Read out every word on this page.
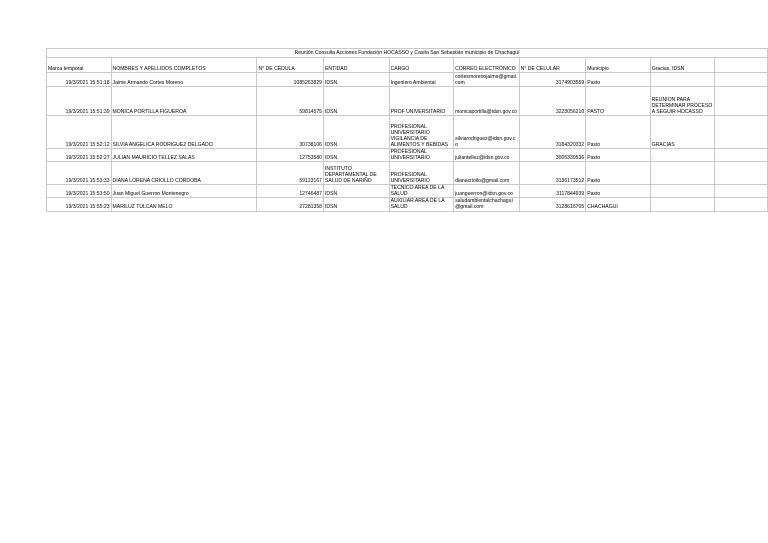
Reunión Consulta Acciones Fundación HOCASSO y Casita San Sebastián municipio de Chachagüí									
Marca temporal	NOMBRES Y APELLIDOS COMPLETOS	N° DE CÉDULA	ENTIDAD	CARGO	CORREO ELECTRÓNICO	N° DE CELULAR	Municipio	Gracias, IDSN	
19/3/2021 15:51:18	Jaime Armando Cortes Moreno	1085263829	IDSN	Ingeniero Ambiental	cortesmorenojaime@gmail.com	3174903559	Pasto		
19/3/2021 15:51:39	MONICA PORTILLA FIGUEROA	59814575	IDSN	PROF UNIVERSITARIO	monicaportilla@idsn.gov.co	3223056210	PASTO	REUNION PARA DETERMINAR PROCESO A SEGUIR HOCASSO	
19/3/2021 15:52:12	SILVIA ANGELICA RODRIGUEZ DELGADO	30738106	IDSN	PROFESIONAL UNIVERSITARIO VIGILANCIA DE ALIMENTOS Y BEBIDAS	silviarodriguez@idsn.gov.co	3184320332	Pasto	GRACIAS	
19/3/2021 15:52:27	JULIAN MAURICIO TELLEZ SALAS	12753580	IDSN	PROFESIONAL UNIVERSITARIO	juliantellez@idsn.gov.co	3005339536	Pasto	.	
19/3/2021 15:53:33	DIANA LORENA CRIOLLO CORDOBA	59123167	INSTITUTO DEPARTAMENTAL DE SALUD DE NARIÑO	PROFESIONAL UNIVERSITARIO	dianacriollo@gmail.com	3136173512	Pasto		
19/3/2021 15:53:50	Juan Miguel Guerron Montenegro	12746487	IDSN	TECNICO AREA DE LA SALUD	juanguerron@idsn.gov.co	3117844939	Pasto		
19/3/2021 15:55:23	MARILUZ TULCAN MELO	27281358	IDSN	AUXILIAR AREA DE LA SALUD	saludambientalchachaguí@gmail.com	3128616705	CHACHAGUI		
